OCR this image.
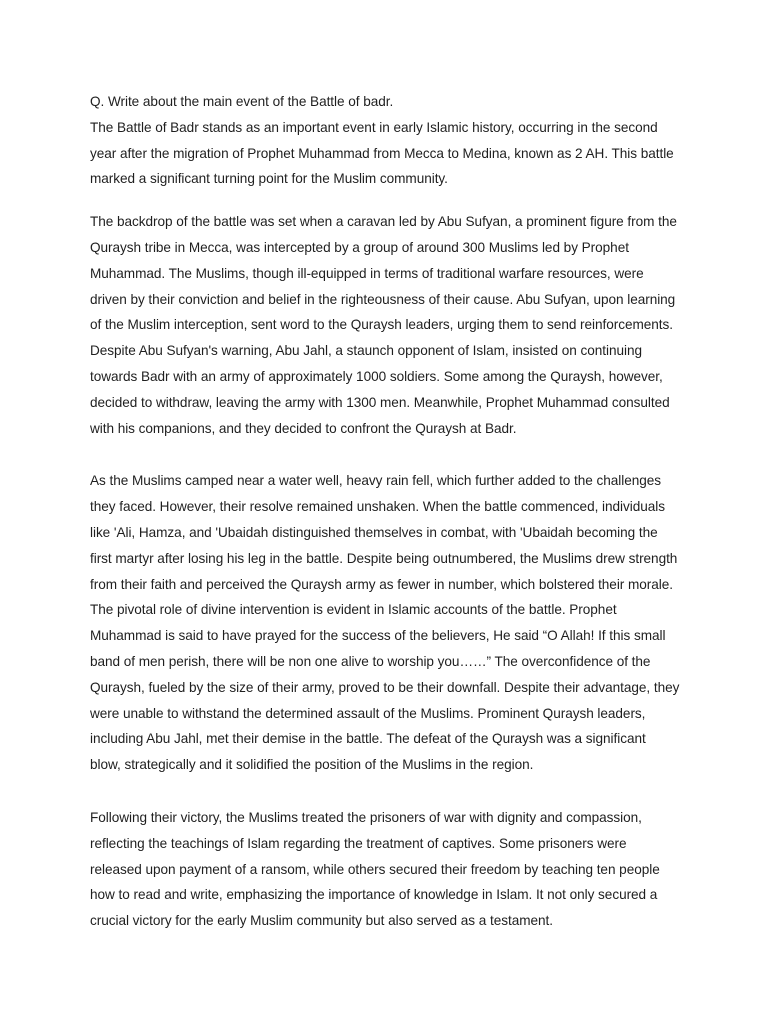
Q. Write about the main event of the Battle of badr.

The Battle of Badr stands as an important event in early Islamic history, occurring in the second year after the migration of Prophet Muhammad from Mecca to Medina, known as 2 AH. This battle marked a significant turning point for the Muslim community.

The backdrop of the battle was set when a caravan led by Abu Sufyan, a prominent figure from the Quraysh tribe in Mecca, was intercepted by a group of around 300 Muslims led by Prophet Muhammad. The Muslims, though ill-equipped in terms of traditional warfare resources, were driven by their conviction and belief in the righteousness of their cause. Abu Sufyan, upon learning of the Muslim interception, sent word to the Quraysh leaders, urging them to send reinforcements. Despite Abu Sufyan's warning, Abu Jahl, a staunch opponent of Islam, insisted on continuing towards Badr with an army of approximately 1000 soldiers. Some among the Quraysh, however, decided to withdraw, leaving the army with 1300 men. Meanwhile, Prophet Muhammad consulted with his companions, and they decided to confront the Quraysh at Badr.

As the Muslims camped near a water well, heavy rain fell, which further added to the challenges they faced. However, their resolve remained unshaken. When the battle commenced, individuals like 'Ali, Hamza, and 'Ubaidah distinguished themselves in combat, with 'Ubaidah becoming the first martyr after losing his leg in the battle. Despite being outnumbered, the Muslims drew strength from their faith and perceived the Quraysh army as fewer in number, which bolstered their morale. The pivotal role of divine intervention is evident in Islamic accounts of the battle. Prophet Muhammad is said to have prayed for the success of the believers, He said “O Allah! If this small band of men perish, there will be non one alive to worship you……” The overconfidence of the Quraysh, fueled by the size of their army, proved to be their downfall. Despite their advantage, they were unable to withstand the determined assault of the Muslims. Prominent Quraysh leaders, including Abu Jahl, met their demise in the battle. The defeat of the Quraysh was a significant blow, strategically and it solidified the position of the Muslims in the region.

Following their victory, the Muslims treated the prisoners of war with dignity and compassion, reflecting the teachings of Islam regarding the treatment of captives. Some prisoners were released upon payment of a ransom, while others secured their freedom by teaching ten people how to read and write, emphasizing the importance of knowledge in Islam. It not only secured a crucial victory for the early Muslim community but also served as a testament.
